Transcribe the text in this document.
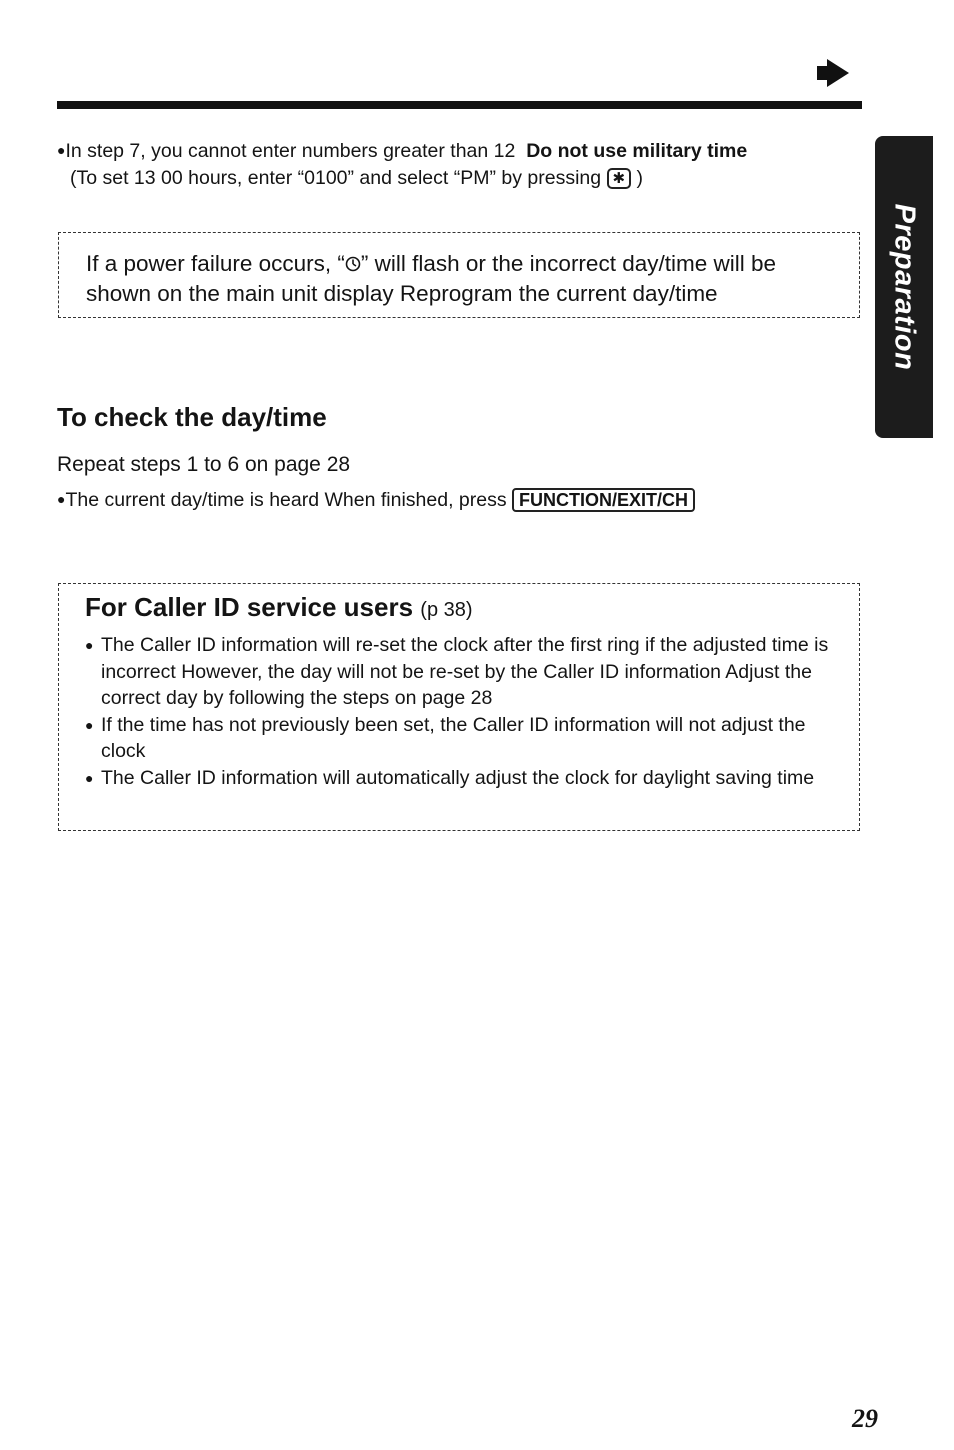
Preparation
●In step 7, you cannot enter numbers greater than 12 Do not use military time
(To set 13 00 hours, enter “0100” and select “PM” by pressing ✱ )
If a power failure occurs, “ ” will flash or the incorrect day/time will be shown on the main unit display Reprogram the current day/time
To check the day/time
Repeat steps 1 to 6 on page 28
●The current day/time is heard When finished, press FUNCTION/EXIT/CH
For Caller ID service users (p 38)
● The Caller ID information will re-set the clock after the first ring if the adjusted time is incorrect However, the day will not be re-set by the Caller ID information Adjust the correct day by following the steps on page 28
● If the time has not previously been set, the Caller ID information will not adjust the clock
● The Caller ID information will automatically adjust the clock for daylight saving time
29
